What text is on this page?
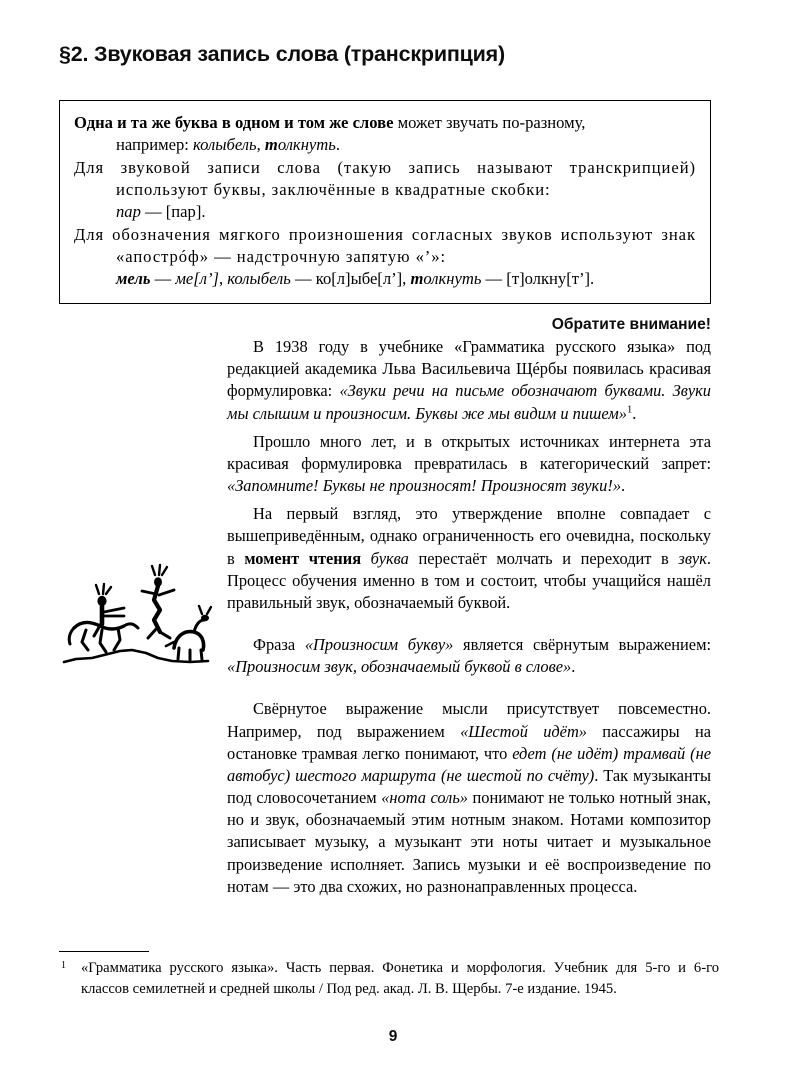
§2. Звуковая запись слова (транскрипция)
Одна и та же буква в одном и том же слове может звучать по-разному,
например: колыбель, толкнуть.
Для звуковой записи слова (такую запись называют транскрипцией) используют буквы, заключённые в квадратные скобки:
пар — [пар].
Для обозначения мягкого произношения согласных звуков используют знак «апострóф» — надстрочную запятую «’»:
мель — ме[л’], колыбель — ко[л]ыбе[л’], толкнуть — [т]олкну[т’].
Обратите внимание!

В 1938 году в учебнике «Грамматика русского языка» под редакцией академика Льва Васильевича Щéрбы появилась красивая формулировка: «Звуки речи на письме обозначают буквами. Звуки мы слышим и произносим. Буквы же мы видим и пишем»$^1$.

Прошло много лет, и в открытых источниках интернета эта красивая формулировка превратилась в категорический запрет: «Запомните! Буквы не произносят! Произносят звуки!».

На первый взгляд, это утверждение вполне совпадает с вышеприведённым, однако ограниченность его очевидна, поскольку в момент чтения буква перестаёт молчать и переходит в звук. Процесс обучения именно в том и состоит, чтобы учащийся нашёл правильный звук, обозначаемый буквой.

Фраза «Произносим букву» является свёрнутым выражением: «Произносим звук, обозначаемый буквой в слове».

Свёрнутое выражение мысли присутствует повсеместно. Например, под выражением «Шестой идёт» пассажиры на остановке трамвая легко понимают, что едет (не идёт) трамвай (не автобус) шестого маршрута (не шестой по счёту). Так музыканты под словосочетанием «нота соль» понимают не только нотный знак, но и звук, обозначаемый этим нотным знаком. Нотами композитор записывает музыку, а музыкант эти ноты читает и музыкальное произведение исполняет. Запись музыки и её воспроизведение по нотам — это два схожих, но разнонаправленных процесса.

1 «Грамматика русского языка». Часть первая. Фонетика и морфология. Учебник для 5-го и 6-го классов семилетней и средней школы / Под ред. акад. Л. В. Щербы. 7-е издание. 1945.

9
